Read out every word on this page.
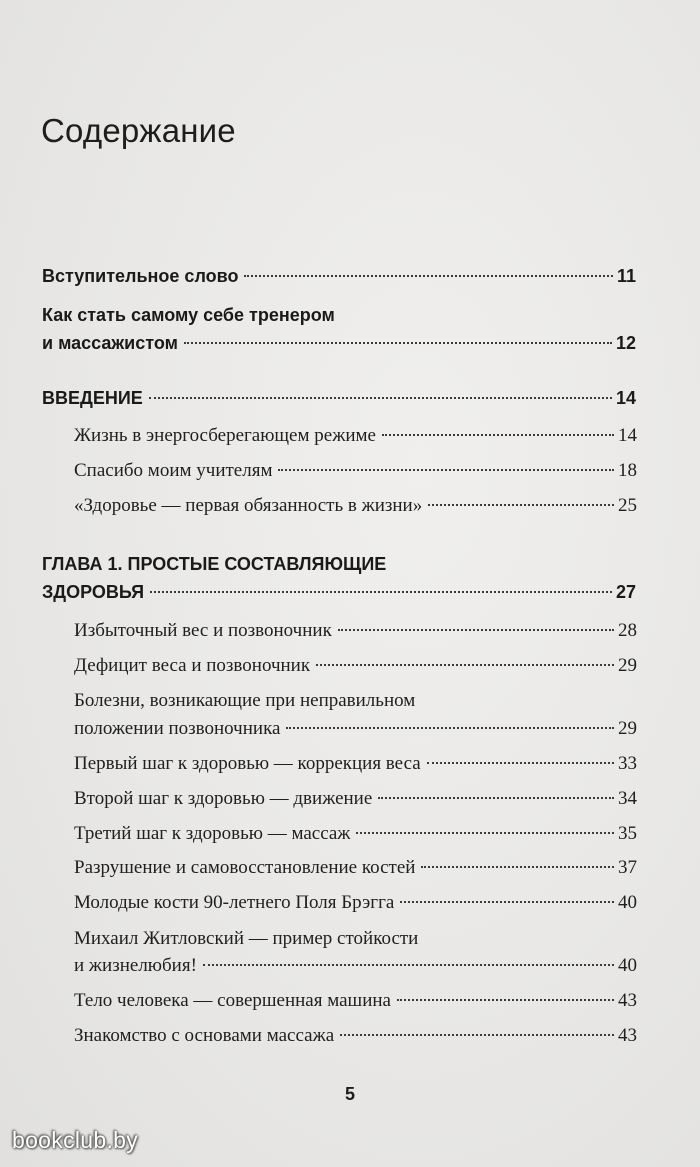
Содержание
Вступительное слово	11
Как стать самому себе тренером
и массажистом	12
ВВЕДЕНИЕ	14
Жизнь в энергосберегающем режиме	14
Спасибо моим учителям	18
«Здоровье — первая обязанность в жизни»	25
ГЛАВА 1. ПРОСТЫЕ СОСТАВЛЯЮЩИЕ
ЗДОРОВЬЯ	27
Избыточный вес и позвоночник	28
Дефицит веса и позвоночник	29
Болезни, возникающие при неправильном
положении позвоночника	29
Первый шаг к здоровью — коррекция веса	33
Второй шаг к здоровью — движение	34
Третий шаг к здоровью — массаж	35
Разрушение и самовосстановление костей	37
Молодые кости 90-летнего Поля Брэгга	40
Михаил Житловский — пример стойкости
и жизнелюбия!	40
Тело человека — совершенная машина	43
Знакомство с основами массажа	43
5
bookclub.by
